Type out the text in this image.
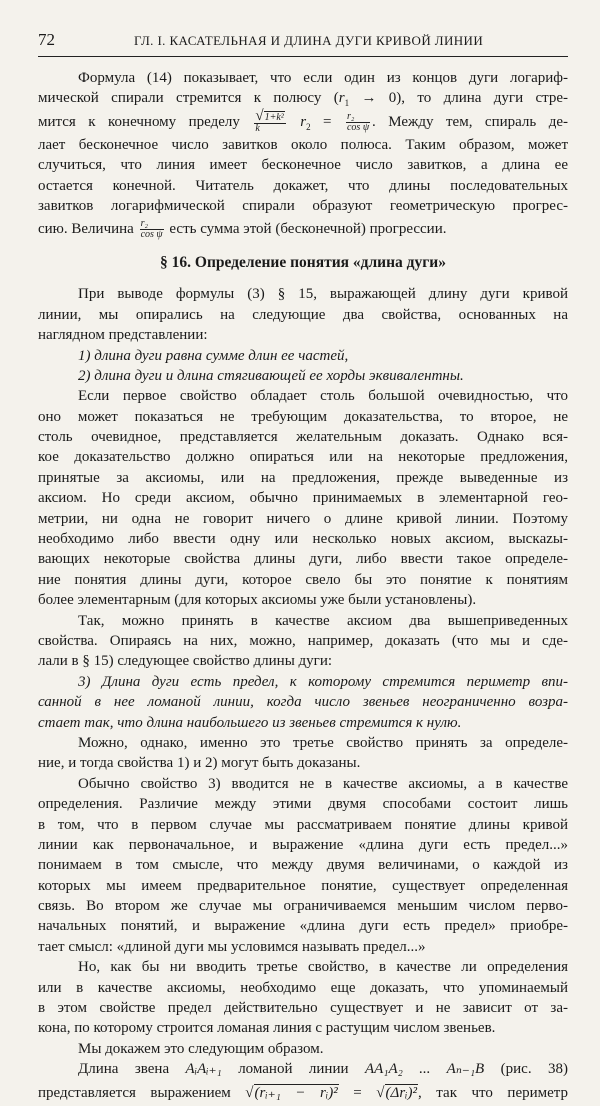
72	ГЛ. I. КАСАТЕЛЬНАЯ И ДЛИНА ДУГИ КРИВОЙ ЛИНИИ
Формула (14) показывает, что если один из концов дуги логариф-
мической спирали стремится к полюсу $(r_1 \to 0)$, то длина дуги стре-
мится к конечному пределу $\frac{\text{√1+k²}}{k} r_2 = \frac{\text{r₂}}{\text{cos ψ}}$ . Между тем, спираль де-
лает бесконечное число завитков около полюса. Таким образом, может
случиться, что линия имеет бесконечное число завитков, а длина ее
остается конечной. Читатель докажет, что длины последовательных
завитков логарифмической спирали образуют геометрическую прогрес-
сию. Величина $\frac{\text{r₂}}{\text{cos ψ}}$ есть сумма этой (бесконечной) прогрессии.
§ 16. Определение понятия «длина дуги»
При выводе формулы (3) § 15, выражающей длину дуги кривой
линии, мы опирались на следующие два свойства, основанных на
наглядном представлении:
1) длина дуги равна сумме длин ее частей,
2) длина дуги и длина стягивающей ее хорды эквивалентны.
Если первое свойство обладает столь большой очевидностью, что
оно может показаться не требующим доказательства, то второе, не
столь очевидное, представляется желательным доказать. Однако вся-
кое доказательство должно опираться или на некоторые предложения,
принятые за аксиомы, или на предложения, прежде выведенные из
аксиом. Но среди аксиом, обычно принимаемых в элементарной гео-
метрии, ни одна не говорит ничего о длине кривой линии. Поэтому
необходимо либо ввести одну или несколько новых аксиом, выскazы-
вающих некоторые свойства длины дуги, либо ввести такое определе-
ние понятия длины дуги, которое свело бы это понятие к понятиям
более элементарным (для которых аксиомы уже были установлены).
Так, можно принять в качестве аксиом два вышеприведенных
свойства. Опираясь на них, можно, например, доказать (что мы и сде-
лали в § 15) следующее свойство длины дуги:
3) Длина дуги есть предел, к которому стремится периметр впи-
санной в нее ломаной линии, когда число звеньев неограниченно возра-
стает так, что длина наибольшего из звеньев стремится к нулю.
Можно, однако, именно это третье свойство принять за определе-
ние, и тогда свойства 1) и 2) могут быть доказаны.
Обычно свойство 3) вводится не в качестве аксиомы, а в качестве
определения. Различие между этими двумя способами состоит лишь
в том, что в первом случае мы рассматриваем понятие длины кривой
линии как первоначальное, и выражение «длина дуги есть предел...»
понимаем в том смысле, что между двумя величинами, о каждой из
которых мы имеем предварительное понятие, существует определенная
связь. Во втором же случае мы ограничиваемся меньшим числом перво-
начальных понятий, и выражение «длина дуги есть предел» приобре-
тает смысл: «длиной дуги мы условимся называть предел...»
Но, как бы ни вводить третье свойство, в качестве ли определения
или в качестве аксиомы, необходимо еще доказать, что упоминаемый
в этом свойстве предел действительно существует и не зависит от за-
кона, по которому строится ломаная линия с растущим числом звеньев.
Мы докажем это следующим образом.
Длина звена AᵢAᵢ₊₁ ломаной линии AA₁A₂ ... Aₙ₋₁B (рис. 38)
представляется выражением √(rᵢ₊₁ − rᵢ)² = √(Δrᵢ)², так что периметр
